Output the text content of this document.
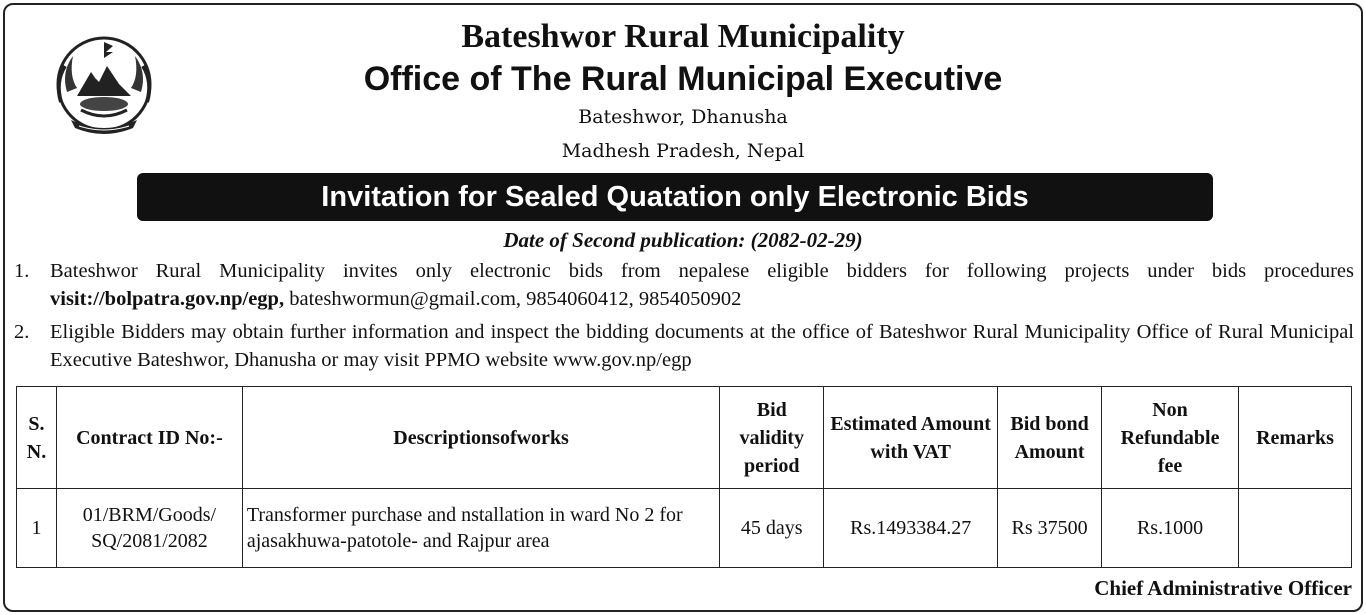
Bateshwor Rural Municipality
Office of The Rural Municipal Executive
Bateshwor, Dhanusha
Madhesh Pradesh, Nepal
Invitation for Sealed Quatation only Electronic Bids
Date of Second publication: (2082-02-29)
1.	Bateshwor Rural Municipality invites only electronic bids from nepalese eligible bidders for following projects under bids procedures visit://bolpatra.gov.np/egp, bateshwormun@gmail.com, 9854060412, 9854050902
2.	Eligible Bidders may obtain further information and inspect the bidding documents at the office of Bateshwor Rural Municipality Office of Rural Municipal Executive Bateshwor, Dhanusha or may visit PPMO website www.gov.np/egp
S. N.	Contract ID No:-	Descriptionsofworks	Bid validity period	Estimated Amount with VAT	Bid bond Amount	Non Refundable fee	Remarks
1	01/BRM/Goods/ SQ/2081/2082	Transformer purchase and nstallation in ward No 2 for ajasakhuwa-patotole- and Rajpur area	45 days	Rs.1493384.27	Rs 37500	Rs.1000	
Chief Administrative Officer
